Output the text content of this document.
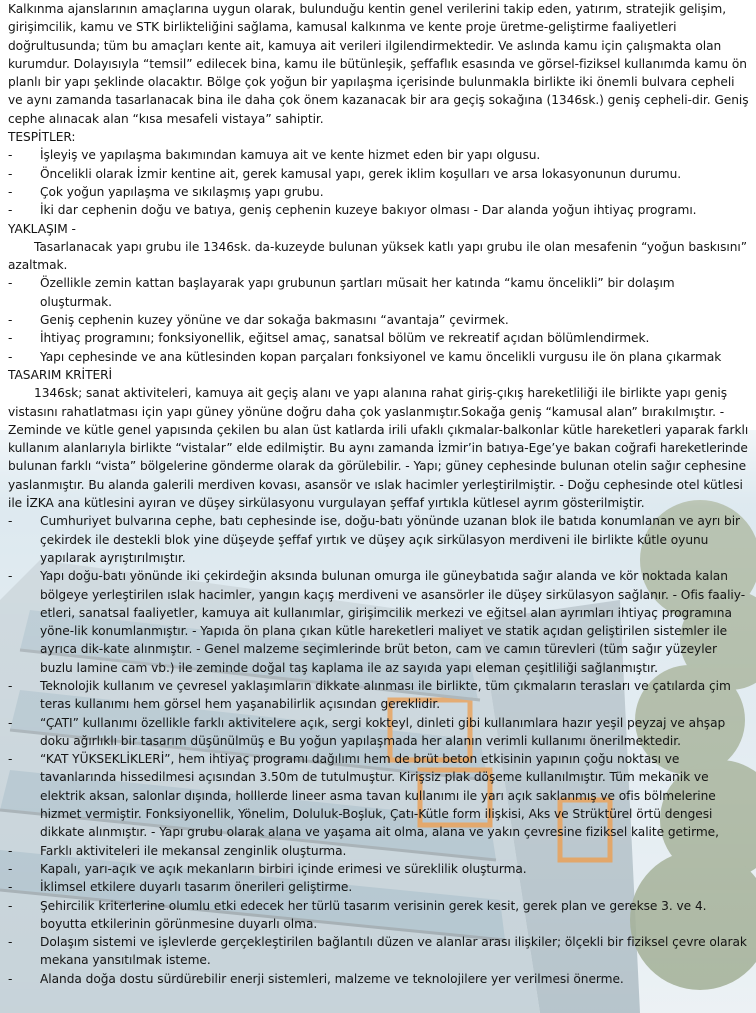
Kalkınma ajanslarının amaçlarına uygun olarak, bulunduğu kentin genel verilerini takip eden, yatırım, stratejik gelişim, girişimcilik, kamu ve STK birlikteliğini sağlama, kamusal kalkınma ve kente proje üretme-geliştirme faaliyetleri doğrultusunda; tüm bu amaçları kente ait, kamuya ait verileri ilgilendirmektedir. Ve aslında kamu için çalışmakta olan kurumdur. Dolayısıyla “temsil” edilecek bina, kamu ile bütünleşik, şeffaflık esasında ve görsel-fiziksel kullanımda kamu ön planlı bir yapı şeklinde olacaktır. Bölge çok yoğun bir yapılaşma içerisinde bulunmakla birlikte iki önemli bulvara cepheli ve aynı zamanda tasarlanacak bina ile daha çok önem kazanacak bir ara geçiş sokağına (1346sk.) geniş cepheli-dir. Geniş cephe alınacak alan “kısa mesafeli vistaya” sahiptir.

TESPİTLER:

-	İşleyiş ve yapılaşma bakımından kamuya ait ve kente hizmet eden bir yapı olgusu.
-	Öncelikli olarak İzmir kentine ait, gerek kamusal yapı, gerek iklim koşulları ve arsa lokasyonunun durumu.
-	Çok yoğun yapılaşma ve sıkılaşmış yapı grubu.
-	İki dar cephenin doğu ve batıya, geniş cephenin kuzeye bakıyor olması - Dar alanda yoğun ihtiyaç programı.

YAKLAŞIM -

Tasarlanacak yapı grubu ile 1346sk. da-kuzeyde bulunan yüksek katlı yapı grubu ile olan mesafenin “yoğun baskısını” azaltmak.

-	Özellikle zemin kattan başlayarak yapı grubunun şartları müsait her katında “kamu öncelikli” bir dolaşım oluşturmak.
-	Geniş cephenin kuzey yönüne ve dar sokağa bakmasını “avantaja” çevirmek.
-	İhtiyaç programını; fonksiyonellik, eğitsel amaç, sanatsal bölüm ve rekreatif açıdan bölümlendirmek.
-	Yapı cephesinde ve ana kütlesinden kopan parçaları fonksiyonel ve kamu öncelikli vurgusu ile ön plana çıkarmak

TASARIM KRİTERİ

1346sk; sanat aktiviteleri, kamuya ait geçiş alanı ve yapı alanına rahat giriş-çıkış hareketliliği ile birlikte yapı geniş vistasını rahatlatması için yapı güney yönüne doğru daha çok yaslanmıştır.Sokağa geniş “kamusal alan” bırakılmıştır. - Zeminde ve kütle genel yapısında çekilen bu alan üst katlarda irili ufaklı çıkmalar-balkonlar kütle hareketleri yaparak farklı kullanım alanlarıyla birlikte “vistalar” elde edilmiştir. Bu aynı zamanda İzmir’in batıya-Ege’ye bakan coğrafi hareketlerinde bulunan farklı “vista” bölgelerine gönderme olarak da görülebilir. - Yapı; güney cephesinde bulunan otelin sağır cephesine yaslanmıştır. Bu alanda galerili merdiven kovası, asansör ve ıslak hacimler yerleştirilmiştir. - Doğu cephesinde otel kütlesi ile İZKA ana kütlesini ayıran ve düşey sirkülasyonu vurgulayan şeffaf yırtıkla kütlesel ayrım gösterilmiştir.

-	Cumhuriyet bulvarına cephe, batı cephesinde ise, doğu-batı yönünde uzanan blok ile batıda konumlanan ve ayrı bir çekirdek ile destekli blok yine düşeyde şeffaf yırtık ve düşey açık sirkülasyon merdiveni ile birlikte kütle oyunu yapılarak ayrıştırılmıştır.
-	Yapı doğu-batı yönünde iki çekirdeğin aksında bulunan omurga ile güneybatıda sağır alanda ve kör noktada kalan bölgeye yerleştirilen ıslak hacimler, yangın kaçış merdiveni ve asansörler ile düşey sirkülasyon sağlanır. - Ofis faaliy-etleri, sanatsal faaliyetler, kamuya ait kullanımlar, girişimcilik merkezi ve eğitsel alan ayrımları ihtiyaç programına yöne-lik konumlanmıştır. - Yapıda ön plana çıkan kütle hareketleri maliyet ve statik açıdan geliştirilen sistemler ile ayrıca dik-kate alınmıştır. - Genel malzeme seçimlerinde brüt beton, cam ve camın türevleri (tüm sağır yüzeyler buzlu lamine cam vb.) ile zeminde doğal taş kaplama ile az sayıda yapı eleman çeşitliliği sağlanmıştır.
-	Teknolojik kullanım ve çevresel yaklaşımların dikkate alınması ile birlikte, tüm çıkmaların terasları ve çatılarda çim teras kullanımı hem görsel hem yaşanabilirlik açısından gereklidir.
-	“ÇATI” kullanımı özellikle farklı aktivitelere açık, sergi kokteyl, dinleti gibi kullanımlara hazır yeşil peyzaj ve ahşap doku ağırlıklı bir tasarım düşünülmüş e Bu yoğun yapılaşmada her alanın verimli kullanımı önerilmektedir.
-	“KAT YÜKSEKLİKLERİ”, hem ihtiyaç programı dağılımı hem de brüt beton etkisinin yapının çoğu noktası ve tavanlarında hissedilmesi açısından 3.50m de tutulmuştur. Kirişsiz plak döşeme kullanılmıştır. Tüm mekanik ve elektrik aksan, salonlar dışında, holllerde lineer asma tavan kullanımı ile yarı açık saklanmış ve ofis bölmelerine hizmet vermiştir. Fonksiyonellik, Yönelim, Doluluk-Boşluk, Çatı-Kütle form ilişkisi, Aks ve Strüktürel örtü dengesi dikkate alınmıştır. - Yapı grubu olarak alana ve yaşama ait olma, alana ve yakın çevresine fiziksel kalite getirme,
-	Farklı aktiviteleri ile mekansal zenginlik oluşturma.
-	Kapalı, yarı-açık ve açık mekanların birbiri içinde erimesi ve süreklilik oluşturma.
-	İklimsel etkilere duyarlı tasarım önerileri geliştirme.
-	Şehircilik kriterlerine olumlu etki edecek her türlü tasarım verisinin gerek kesit, gerek plan ve gerekse 3. ve 4. boyutta etkilerinin görünmesine duyarlı olma.
-	Dolaşım sistemi ve işlevlerde gerçekleştirilen bağlantılı düzen ve alanlar arası ilişkiler; ölçekli bir fiziksel çevre olarak mekana yansıtılmak isteme.
-	Alanda doğa dostu sürdürebilir enerji sistemleri, malzeme ve teknolojilere yer verilmesi önerme.
